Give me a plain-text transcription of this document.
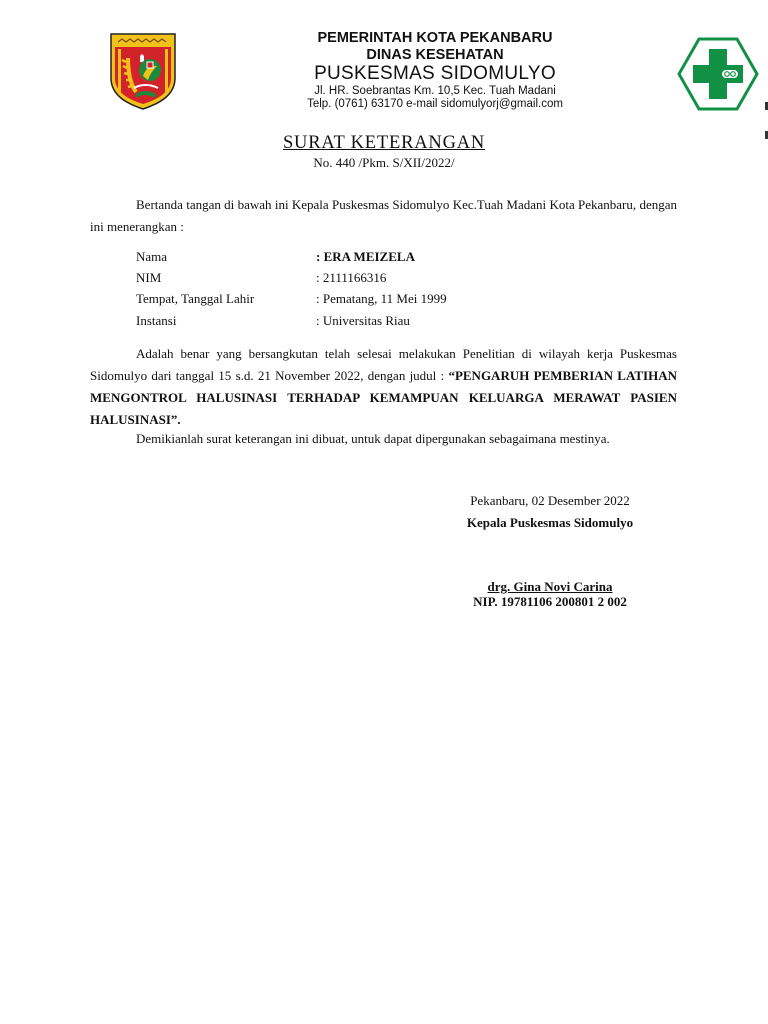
PEMERINTAH KOTA PEKANBARU

DINAS KESEHATAN

PUSKESMAS SIDOMULYO

Jl. HR. Soebrantas Km. 10,5 Kec. Tuah Madani

Telp. (0761) 63170 e-mail sidomulyorj@gmail.com

SURAT KETERANGAN
No. 440 /Pkm. S/XII/2022/

Bertanda tangan di bawah ini Kepala Puskesmas Sidomulyo Kec.Tuah Madani Kota Pekanbaru, dengan ini menerangkan :

Nama	: ERA MEIZELA
NIM	: 2111166316
Tempat, Tanggal Lahir	: Pematang, 11 Mei 1999
Instansi	: Universitas Riau

Adalah benar yang bersangkutan telah selesai melakukan Penelitian di wilayah kerja Puskesmas Sidomulyo dari tanggal 15 s.d. 21 November 2022, dengan judul : “PENGARUH PEMBERIAN LATIHAN MENGONTROL HALUSINASI TERHADAP KEMAMPUAN KELUARGA MERAWAT PASIEN HALUSINASI”.

Demikianlah surat keterangan ini dibuat, untuk dapat dipergunakan sebagaimana mestinya.

Pekanbaru, 02 Desember 2022
Kepala Puskesmas Sidomulyo
drg. Gina Novi Carina
NIP. 19781106 200801 2 002
